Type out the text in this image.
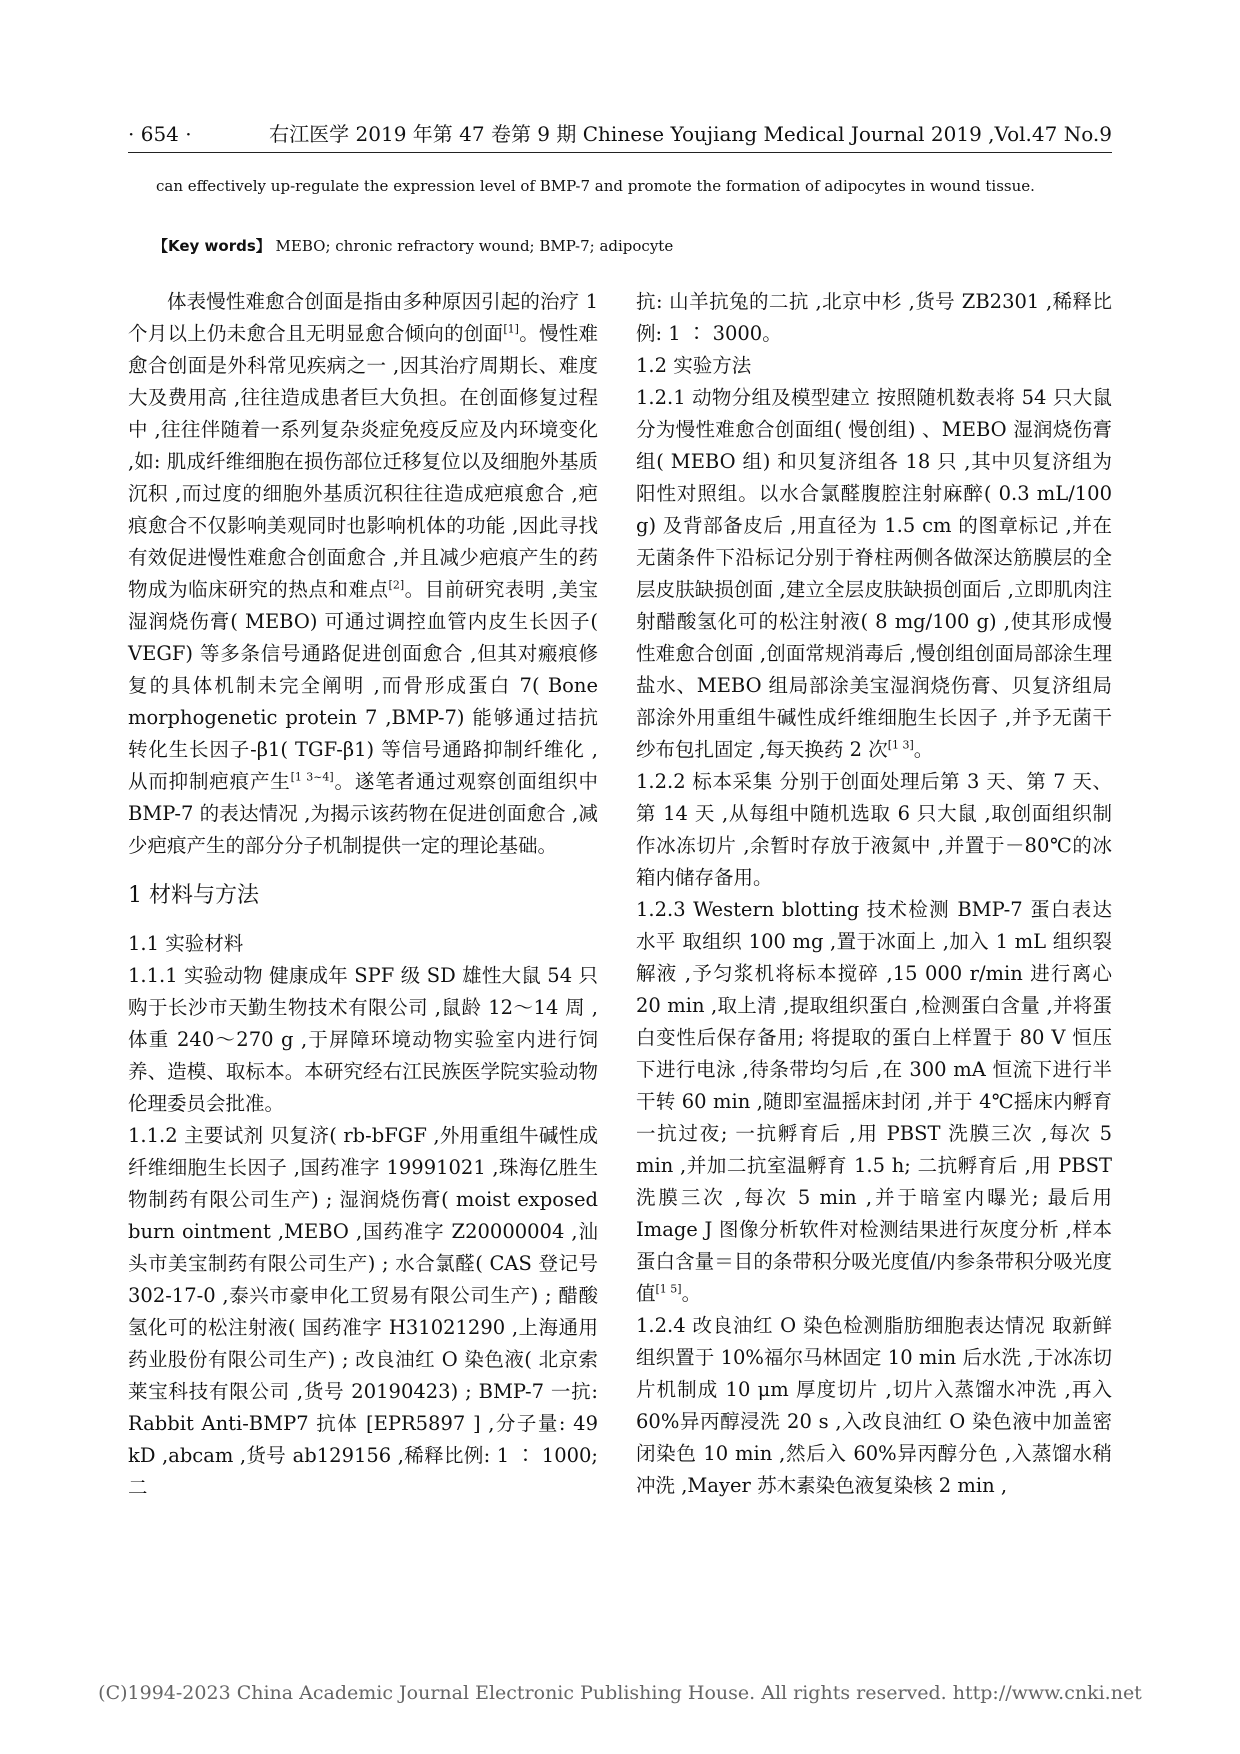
· 654 ·	右江医学 2019 年第 47 卷第 9 期 Chinese Youjiang Medical Journal 2019 ,Vol.47 No.9
can effectively up-regulate the expression level of BMP-7 and promote the formation of adipocytes in wound tissue.
【Key words】 MEBO; chronic refractory wound; BMP-7; adipocyte

体表慢性难愈合创面是指由多种原因引起的治疗 1 个月以上仍未愈合且无明显愈合倾向的创面[1]。慢性难愈合创面是外科常见疾病之一 ,因其治疗周期长、难度大及费用高 ,往往造成患者巨大负担。在创面修复过程中 ,往往伴随着一系列复杂炎症免疫反应及内环境变化 ,如: 肌成纤维细胞在损伤部位迁移复位以及细胞外基质沉积 ,而过度的细胞外基质沉积往往造成疤痕愈合 ,疤痕愈合不仅影响美观同时也影响机体的功能 ,因此寻找有效促进慢性难愈合创面愈合 ,并且减少疤痕产生的药物成为临床研究的热点和难点[2]。目前研究表明 ,美宝湿润烧伤膏( MEBO) 可通过调控血管内皮生长因子( VEGF) 等多条信号通路促进创面愈合 ,但其对瘢痕修复的具体机制未完全阐明 ,而骨形成蛋白 7( Bone morphogenetic protein 7 ,BMP-7) 能够通过拮抗转化生长因子-β1( TGF-β1) 等信号通路抑制纤维化 ,从而抑制疤痕产生[1 3~4]。遂笔者通过观察创面组织中 BMP-7 的表达情况 ,为揭示该药物在促进创面愈合 ,减少疤痕产生的部分分子机制提供一定的理论基础。

1 材料与方法

1.1 实验材料

1.1.1 实验动物 健康成年 SPF 级 SD 雄性大鼠 54 只购于长沙市天勤生物技术有限公司 ,鼠龄 12～14 周 ,体重 240～270 g ,于屏障环境动物实验室内进行饲养、造模、取标本。本研究经右江民族医学院实验动物伦理委员会批准。

1.1.2 主要试剂 贝复济( rb-bFGF ,外用重组牛碱性成纤维细胞生长因子 ,国药准字 19991021 ,珠海亿胜生物制药有限公司生产) ; 湿润烧伤膏( moist exposed burn ointment ,MEBO ,国药准字 Z20000004 ,汕头市美宝制药有限公司生产) ; 水合氯醛( CAS 登记号 302-17-0 ,泰兴市豪申化工贸易有限公司生产) ; 醋酸氢化可的松注射液( 国药准字 H31021290 ,上海通用药业股份有限公司生产) ; 改良油红 O 染色液( 北京索莱宝科技有限公司 ,货号 20190423) ; BMP-7 一抗: Rabbit Anti-BMP7 抗体 [EPR5897 ] ,分子量: 49 kD ,abcam ,货号 ab129156 ,稀释比例: 1 ∶ 1000; 二

抗: 山羊抗兔的二抗 ,北京中杉 ,货号 ZB2301 ,稀释比例: 1 ∶ 3000。

1.2 实验方法

1.2.1 动物分组及模型建立 按照随机数表将 54 只大鼠分为慢性难愈合创面组( 慢创组) 、MEBO 湿润烧伤膏组( MEBO 组) 和贝复济组各 18 只 ,其中贝复济组为阳性对照组。以水合氯醛腹腔注射麻醉( 0.3 mL/100 g) 及背部备皮后 ,用直径为 1.5 cm 的图章标记 ,并在无菌条件下沿标记分别于脊柱两侧各做深达筋膜层的全层皮肤缺损创面 ,建立全层皮肤缺损创面后 ,立即肌肉注射醋酸氢化可的松注射液( 8 mg/100 g) ,使其形成慢性难愈合创面 ,创面常规消毒后 ,慢创组创面局部涂生理盐水、MEBO 组局部涂美宝湿润烧伤膏、贝复济组局部涂外用重组牛碱性成纤维细胞生长因子 ,并予无菌干纱布包扎固定 ,每天换药 2 次[1 3]。

1.2.2 标本采集 分别于创面处理后第 3 天、第 7 天、第 14 天 ,从每组中随机选取 6 只大鼠 ,取创面组织制作冰冻切片 ,余暂时存放于液氮中 ,并置于－80℃的冰箱内储存备用。

1.2.3 Western blotting 技术检测 BMP-7 蛋白表达水平 取组织 100 mg ,置于冰面上 ,加入 1 mL 组织裂解液 ,予匀浆机将标本搅碎 ,15 000 r/min 进行离心 20 min ,取上清 ,提取组织蛋白 ,检测蛋白含量 ,并将蛋白变性后保存备用; 将提取的蛋白上样置于 80 V 恒压下进行电泳 ,待条带均匀后 ,在 300 mA 恒流下进行半干转 60 min ,随即室温摇床封闭 ,并于 4℃摇床内孵育一抗过夜; 一抗孵育后 ,用 PBST 洗膜三次 ,每次 5 min ,并加二抗室温孵育 1.5 h; 二抗孵育后 ,用 PBST 洗膜三次 ,每次 5 min ,并于暗室内曝光; 最后用 Image J 图像分析软件对检测结果进行灰度分析 ,样本蛋白含量＝目的条带积分吸光度值/内参条带积分吸光度值[1 5]。

1.2.4 改良油红 O 染色检测脂肪细胞表达情况 取新鲜组织置于 10%福尔马林固定 10 min 后水洗 ,于冰冻切片机制成 10 μm 厚度切片 ,切片入蒸馏水冲洗 ,再入 60%异丙醇浸洗 20 s ,入改良油红 O 染色液中加盖密闭染色 10 min ,然后入 60%异丙醇分色 ,入蒸馏水稍冲洗 ,Mayer 苏木素染色液复染核 2 min ,

(C)1994-2023 China Academic Journal Electronic Publishing House. All rights reserved. http://www.cnki.net
